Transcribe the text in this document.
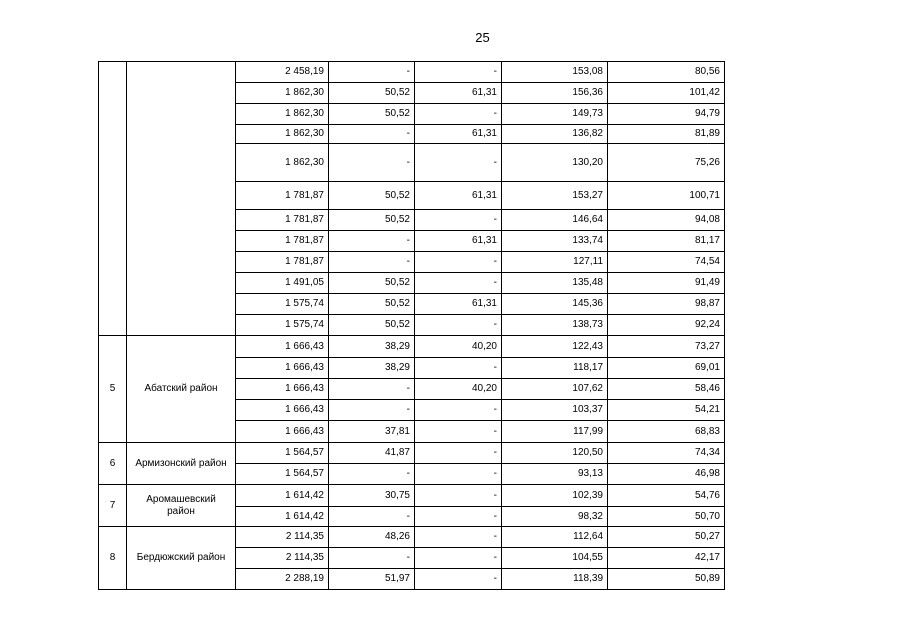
25
		2 458,19	-	-	153,08	80,56
		1 862,30	50,52	61,31	156,36	101,42
		1 862,30	50,52	-	149,73	94,79
		1 862,30	-	61,31	136,82	81,89
		1 862,30	-	-	130,20	75,26
		1 781,87	50,52	61,31	153,27	100,71
		1 781,87	50,52	-	146,64	94,08
		1 781,87	-	61,31	133,74	81,17
		1 781,87	-	-	127,11	74,54
		1 491,05	50,52	-	135,48	91,49
		1 575,74	50,52	61,31	145,36	98,87
		1 575,74	50,52	-	138,73	92,24
5	Абатский район	1 666,43	38,29	40,20	122,43	73,27
		1 666,43	38,29	-	118,17	69,01
		1 666,43	-	40,20	107,62	58,46
		1 666,43	-	-	103,37	54,21
		1 666,43	37,81	-	117,99	68,83
6	Армизонский район	1 564,57	41,87	-	120,50	74,34
		1 564,57	-	-	93,13	46,98
7	Аромашевский район	1 614,42	30,75	-	102,39	54,76
		1 614,42	-	-	98,32	50,70
8	Бердюжский район	2 114,35	48,26	-	112,64	50,27
		2 114,35	-	-	104,55	42,17
		2 288,19	51,97	-	118,39	50,89
